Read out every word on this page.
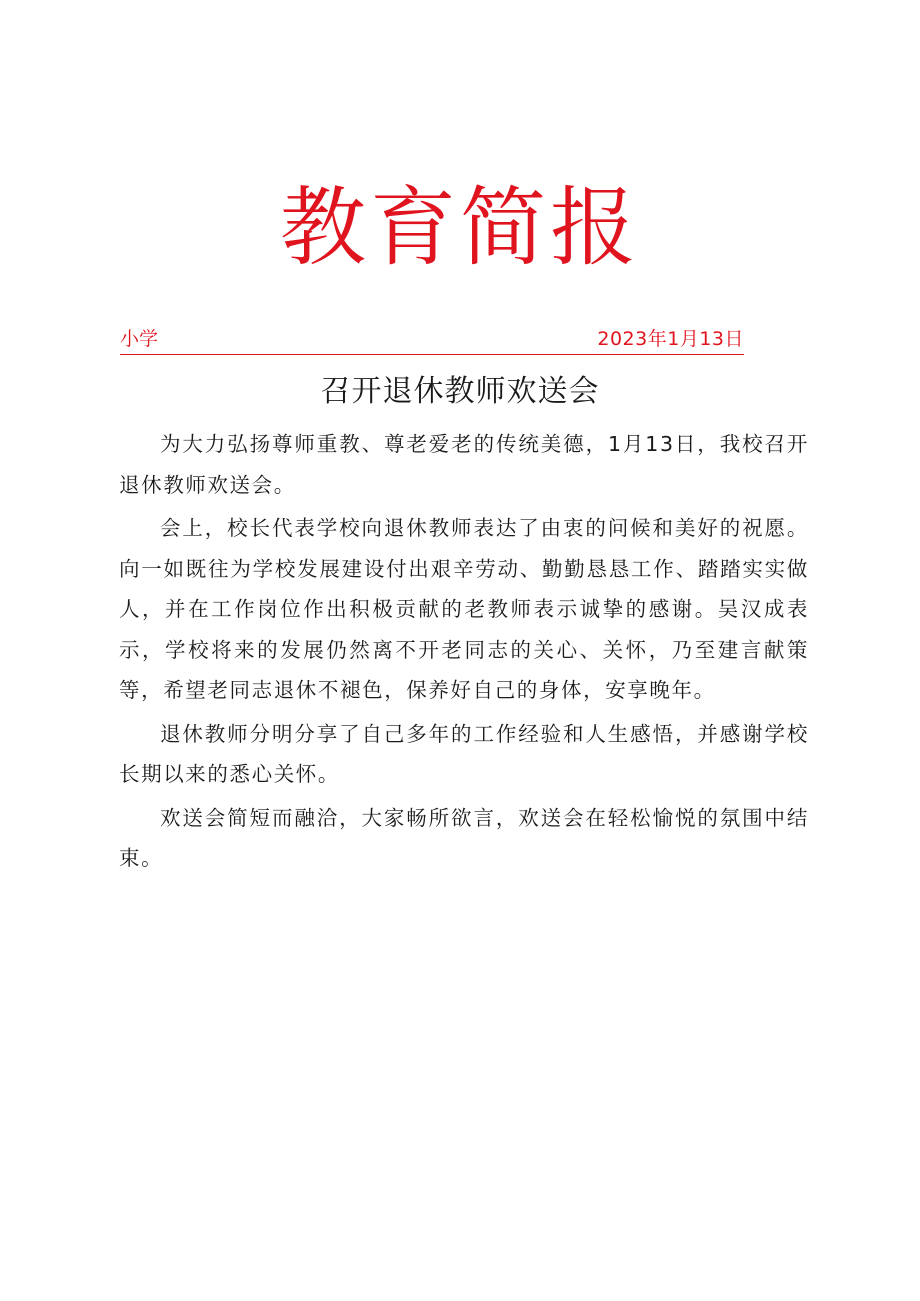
教育简报
小学	2023年1月13日
召开退休教师欢送会

为大力弘扬尊师重教、尊老爱老的传统美德，1月13日，我校召开退休教师欢送会。

会上，校长代表学校向退休教师表达了由衷的问候和美好的祝愿。向一如既往为学校发展建设付出艰辛劳动、勤勤恳恳工作、踏踏实实做人，并在工作岗位作出积极贡献的老教师表示诚挚的感谢。吴汉成表示，学校将来的发展仍然离不开老同志的关心、关怀，乃至建言献策等，希望老同志退休不褪色，保养好自己的身体，安享晚年。

退休教师分明分享了自己多年的工作经验和人生感悟，并感谢学校长期以来的悉心关怀。

欢送会简短而融洽，大家畅所欲言，欢送会在轻松愉悦的氛围中结束。
